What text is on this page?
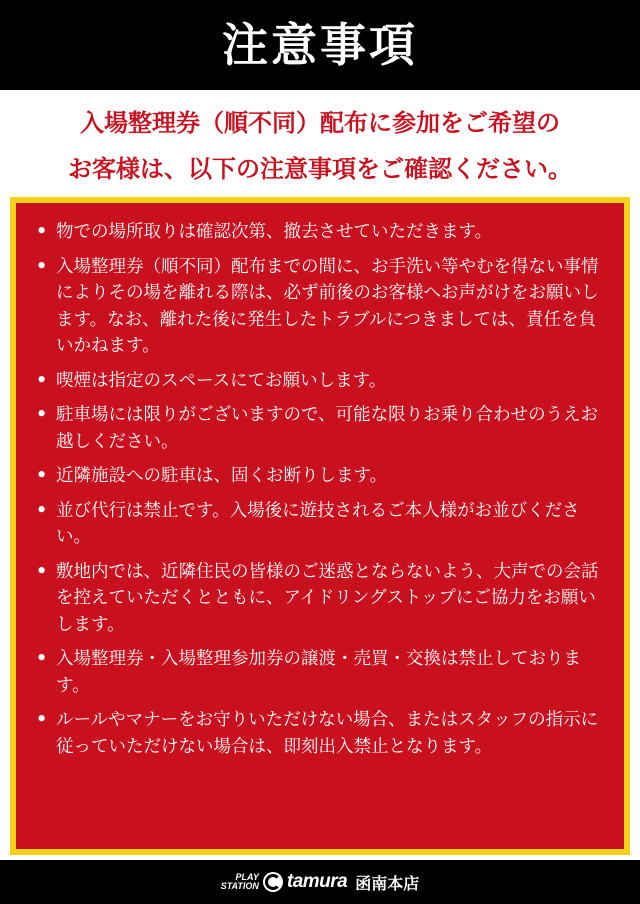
注意事項
入場整理券（順不同）配布に参加をご希望の
お客様は、以下の注意事項をご確認ください。
• 物での場所取りは確認次第、撤去させていただきます。
• 入場整理券（順不同）配布までの間に、お手洗い等やむを得ない事情によりその場を離れる際は、必ず前後のお客様へお声がけをお願いします。なお、離れた後に発生したトラブルにつきましては、責任を負いかねます。
• 喫煙は指定のスペースにてお願いします。
• 駐車場には限りがございますので、可能な限りお乗り合わせのうえお越しください。
• 近隣施設への駐車は、固くお断りします。
• 並び代行は禁止です。入場後に遊技されるご本人様がお並びください。
• 敷地内では、近隣住民の皆様のご迷惑とならないよう、大声での会話を控えていただくとともに、アイドリングストップにご協力をお願いします。
• 入場整理券・入場整理参加券の譲渡・売買・交換は禁止しております。
• ルールやマナーをお守りいただけない場合、またはスタッフの指示に従っていただけない場合は、即刻出入禁止となります。
PLAY
STATION tamura 函南本店
